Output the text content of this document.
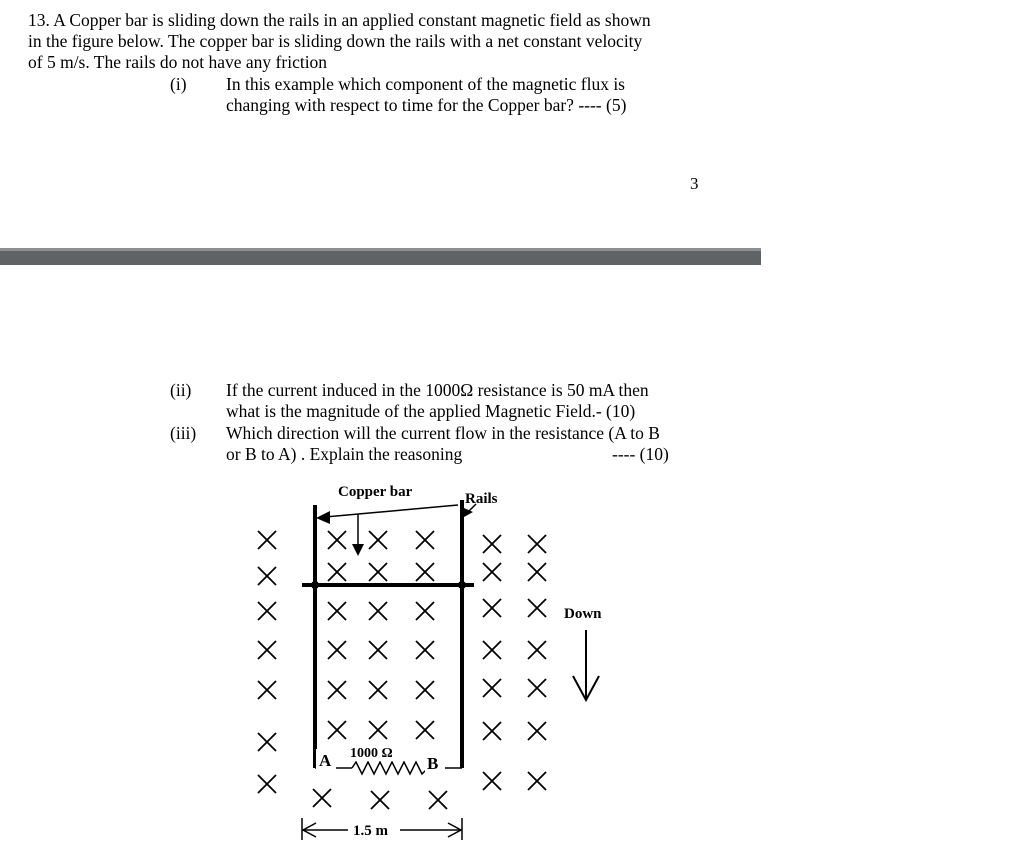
13. A Copper bar is sliding down the rails in an applied constant magnetic field as shown
in the figure below. The copper bar is sliding down the rails with a net constant velocity
of 5 m/s. The rails do not have any friction
(i) In this example which component of the magnetic flux is
changing with respect to time for the Copper bar? ---- (5)
3
(ii) If the current induced in the 1000Ω resistance is 50 mA then
what is the magnitude of the applied Magnetic Field.- (10)
(iii) Which direction will the current flow in the resistance (A to B
or B to A) . Explain the reasoning	---- (10)
Copper bar	Rails
Down
1000 Ω
A	B
1.5 m
